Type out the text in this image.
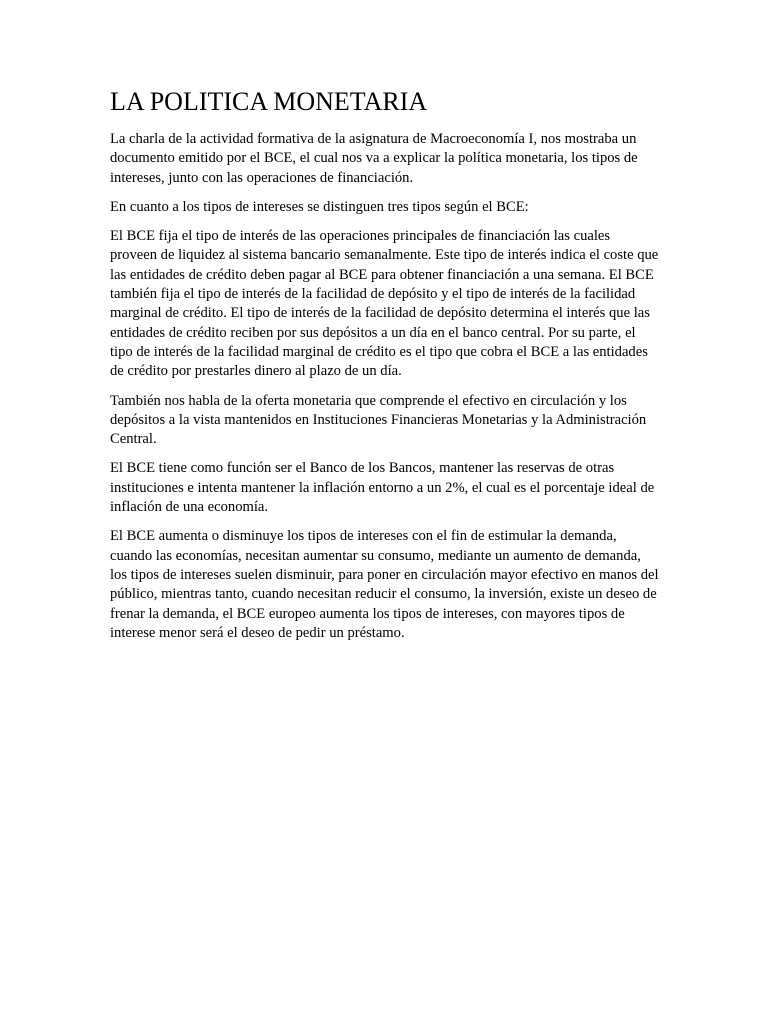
LA POLITICA MONETARIA

La charla de la actividad formativa de la asignatura de Macroeconomía I, nos mostraba un documento emitido por el BCE, el cual nos va a explicar la política monetaria, los tipos de intereses, junto con las operaciones de financiación.

En cuanto a los tipos de intereses se distinguen tres tipos según el BCE:

El BCE fija el tipo de interés de las operaciones principales de financiación las cuales proveen de liquidez al sistema bancario semanalmente. Este tipo de interés indica el coste que las entidades de crédito deben pagar al BCE para obtener financiación a una semana. El BCE también fija el tipo de interés de la facilidad de depósito y el tipo de interés de la facilidad marginal de crédito. El tipo de interés de la facilidad de depósito determina el interés que las entidades de crédito reciben por sus depósitos a un día en el banco central. Por su parte, el tipo de interés de la facilidad marginal de crédito es el tipo que cobra el BCE a las entidades de crédito por prestarles dinero al plazo de un día.

También nos habla de la oferta monetaria que comprende el efectivo en circulación y los depósitos a la vista mantenidos en Instituciones Financieras Monetarias y la Administración Central.

El BCE tiene como función ser el Banco de los Bancos, mantener las reservas de otras instituciones e intenta mantener la inflación entorno a un 2%, el cual es el porcentaje ideal de inflación de una economía.

El BCE aumenta o disminuye los tipos de intereses con el fin de estimular la demanda, cuando las economías, necesitan aumentar su consumo, mediante un aumento de demanda, los tipos de intereses suelen disminuir, para poner en circulación mayor efectivo en manos del público, mientras tanto, cuando necesitan reducir el consumo, la inversión, existe un deseo de frenar la demanda, el BCE europeo aumenta los tipos de intereses, con mayores tipos de interese menor será el deseo de pedir un préstamo.
